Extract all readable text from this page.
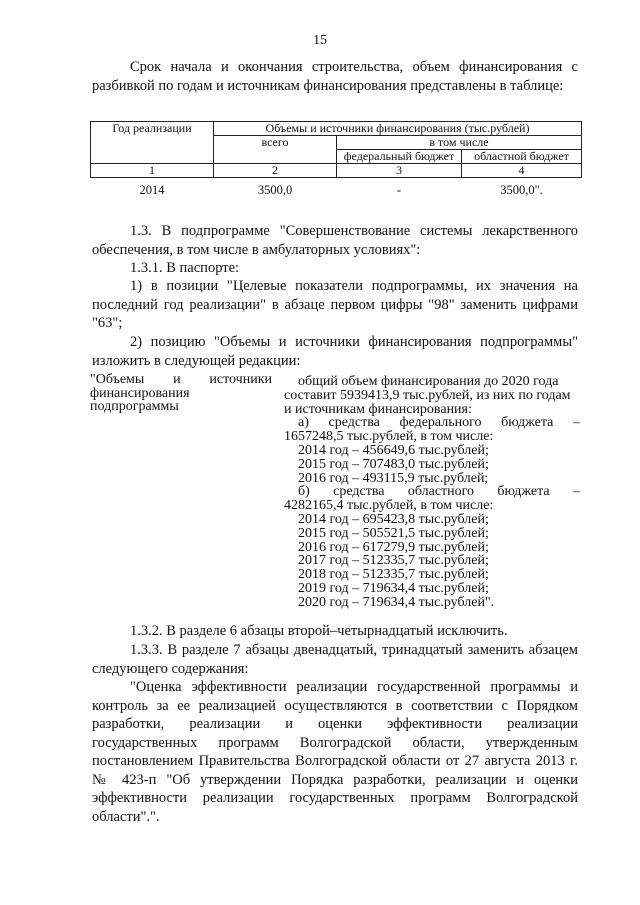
15

Срок начала и окончания строительства, объем финансирования с разбивкой по годам и источникам финансирования представлены в таблице:

Год реализации	Объемы и источники финансирования (тыс.рублей)		
	всего	в том числе	
		федеральный бюджет	областной бюджет
1	2	3	4
2014	3500,0	-	3500,0".

1.3. В подпрограмме "Совершенствование системы лекарственного обеспечения, в том числе в амбулаторных условиях":

1.3.1. В паспорте:

1) в позиции "Целевые показатели подпрограммы, их значения на последний год реализации" в абзаце первом цифры "98" заменить цифрами "63";

2) позицию "Объемы и источники финансирования подпрограммы" изложить в следующей редакции:

"Объемы и источники финансирования подпрограммы

общий объем финансирования до 2020 года

составит 5939413,9 тыс.рублей, из них по годам

и источникам финансирования:

а) средства федерального бюджета –

1657248,5 тыс.рублей, в том числе:

2014 год – 456649,6 тыс.рублей;

2015 год – 707483,0 тыс.рублей;

2016 год – 493115,9 тыс.рублей;

б) средства областного бюджета –

4282165,4 тыс.рублей, в том числе:

2014 год – 695423,8 тыс.рублей;

2015 год – 505521,5 тыс.рублей;

2016 год – 617279,9 тыс.рублей;

2017 год – 512335,7 тыс.рублей;

2018 год – 512335,7 тыс.рублей;

2019 год – 719634,4 тыс.рублей;

2020 год – 719634,4 тыс.рублей".

1.3.2. В разделе 6 абзацы второй–четырнадцатый исключить.

1.3.3. В разделе 7 абзацы двенадцатый, тринадцатый заменить абзацем следующего содержания:

"Оценка эффективности реализации государственной программы и контроль за ее реализацией осуществляются в соответствии с Порядком разработки, реализации и оценки эффективности реализации государственных программ Волгоградской области, утвержденным постановлением Правительства Волгоградской области от 27 августа 2013 г. № 423-п "Об утверждении Порядка разработки, реализации и оценки эффективности реализации государственных программ Волгоградской области".".
